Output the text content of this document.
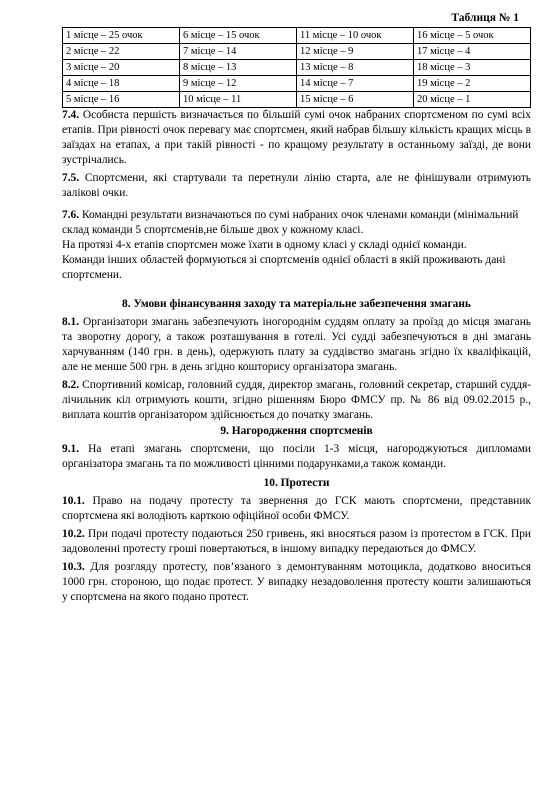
Таблиця № 1
1 місце – 25 очок	6 місце – 15 очок	11 місце – 10 очок	16 місце – 5 очок
2 місце – 22	7 місце – 14	12 місце – 9	17 місце – 4
3 місце – 20	8 місце – 13	13 місце – 8	18 місце – 3
4 місце – 18	9 місце – 12	14 місце – 7	19 місце – 2
5 місце – 16	10 місце – 11	15 місце – 6	20 місце – 1

7.4. Особиста першість визначається по більшій сумі очок набраних спортсменом по сумі всіх етапів. При рівності очок перевагу має спортсмен, який набрав більшу кількість кращих місць в заїздах на етапах, а при такій рівності - по кращому результату в останньому заїзді, де вони зустрічались.

7.5. Спортсмени, які стартували та перетнули лінію старта, але не фінішували отримують залікові очки.

7.6. Командні результати визначаються по сумі набраних очок членами команди (мінімальний склад команди 5 спортсменів,не більше двох у кожному класі.

На протязі 4-х етапів спортсмен може їхати в одному класі у складі однієї команди.

Команди інших областей формуються зі спортсменів однієї області в якій проживають дані спортсмени.

8. Умови фінансування заходу та матеріальне забезпечення змагань

8.1. Організатори змагань забезпечують іногороднім суддям оплату за проїзд до місця змагань та зворотну дорогу, а також розташування в готелі. Усі судді забезпечуються в дні змагань харчуванням (140 грн. в день), одержують плату за суддівство змагань згідно їх кваліфікацій, але не менше 500 грн. в день згідно кошторису організатора змагань.

8.2. Спортивний комісар, головний суддя, директор змагань, головний секретар, старший суддя-лічильник кіл отримують кошти, згідно рішенням Бюро ФМСУ пр. № 86 від 09.02.2015 р., виплата коштів організатором здійснюється до початку змагань.

9. Нагородження спортсменів

9.1. На етапі змагань спортсмени, що посіли 1-3 місця, нагороджуються дипломами організатора змагань та по можливості цінними подарунками,а також команди.

10. Протести

10.1. Право на подачу протесту та звернення до ГСК мають спортсмени, представник спортсмена які володіють карткою офіційної особи ФМСУ.

10.2. При подачі протесту подаються 250 гривень, які вносяться разом із протестом в ГСК. При задоволенні протесту гроші повертаються, в іншому випадку передаються до ФМСУ.

10.3. Для розгляду протесту, пов’язаного з демонтуванням мотоцикла, додатково вноситься 1000 грн. стороною, що подає протест. У випадку незадоволення протесту кошти залишаються у спортсмена на якого подано протест.
